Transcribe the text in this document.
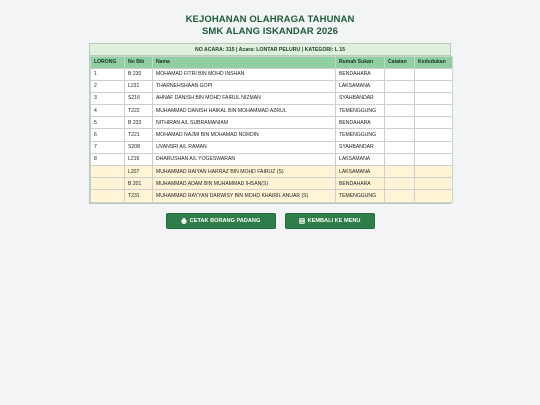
KEJOHANAN OLAHRAGA TAHUNAN
SMK ALANG ISKANDAR 2026
NO ACARA: 315 | Acara: LONTAR PELURU | KATEGORI: L 15
LORONG	No Bib	Nama	Rumah Sukan	Catatan	Kedudukan
1	B 230	MOHAMAD FITRI BIN MOHD INSHAN	BENDAHARA		
2	L231	THARNEHSHAAN GOPI	LAKSAMANA		
3	S216	AHNAF DANISH BIN MOHD FAIRUL NIZMAN	SYAHBANDAR		
4	T222	MUHAMMAD DANISH HAIKAL BIN MOHAMMAD AZRUL	TEMENGGUNG		
5	B 233	NITHIRAN A/L SUBRAMANIAM	BENDAHARA		
6	T221	MOHAMAD NAJMI BIN MOHAMAD NORDIN	TEMENGGUNG		
7	S208	UVANSRI A/L RAMAN	SYAHBANDAR		
8	L216	DHARUSHAN A/L YOGESWARAN	LAKSAMANA		
	L207	MUHAMMAD RAIYAN HARRAZ BIN MOHD FAIRUZ (S)	LAKSAMANA		
	B 201	MUHAMMAD ADAM BIN MUHAMMAD IHSAN(S)	BENDAHARA		
	T231	MUHAMMAD RAYYAN DARWISY BIN MOHD KHAIRIL ANUAR (S)	TEMENGGUNG		
CETAK BORANG PADANG	KEMBALI KE MENU
